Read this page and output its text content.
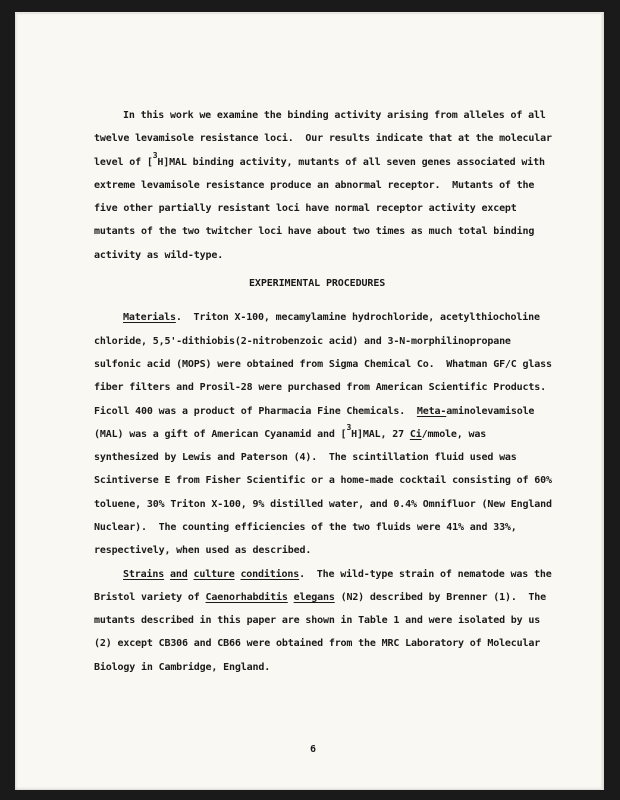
In this work we examine the binding activity arising from alleles of all
twelve levamisole resistance loci.  Our results indicate that at the molecular
level of [$^3$H]MAL binding activity, mutants of all seven genes associated with
extreme levamisole resistance produce an abnormal receptor.  Mutants of the
five other partially resistant loci have normal receptor activity except
mutants of the two twitcher loci have about two times as much total binding
activity as wild-type.
EXPERIMENTAL PROCEDURES
Materials.  Triton X-100, mecamylamine hydrochloride, acetylthiocholine
chloride, 5,5'-dithiobis(2-nitrobenzoic acid) and 3-N-morphilinopropane
sulfonic acid (MOPS) were obtained from Sigma Chemical Co.  Whatman GF/C glass
fiber filters and Prosil-28 were purchased from American Scientific Products.
Ficoll 400 was a product of Pharmacia Fine Chemicals.  Meta-aminolevamisole
(MAL) was a gift of American Cyanamid and [$^3$H]MAL, 27 Ci/mmole, was
synthesized by Lewis and Paterson (4).  The scintillation fluid used was
Scintiverse E from Fisher Scientific or a home-made cocktail consisting of 60%
toluene, 30% Triton X-100, 9% distilled water, and 0.4% Omnifluor (New England
Nuclear).  The counting efficiencies of the two fluids were 41% and 33%,
respectively, when used as described.
Strains and culture conditions.  The wild-type strain of nematode was the
Bristol variety of Caenorhabditis elegans (N2) described by Brenner (1).  The
mutants described in this paper are shown in Table 1 and were isolated by us
(2) except CB306 and CB66 were obtained from the MRC Laboratory of Molecular
Biology in Cambridge, England.
6
